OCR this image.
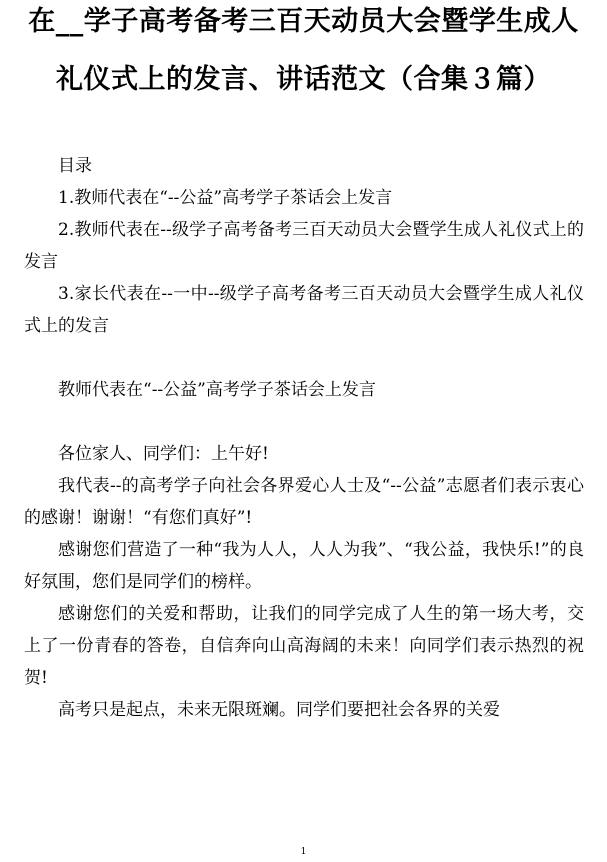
在__学子高考备考三百天动员大会暨学生成人
礼仪式上的发言、讲话范文（合集３篇）

目录

1.教师代表在“--公益”高考学子茶话会上发言

2.教师代表在--级学子高考备考三百天动员大会暨学生成人礼仪式上的发言

3.家长代表在--一中--级学子高考备考三百天动员大会暨学生成人礼仪式上的发言

教师代表在“--公益”高考学子茶话会上发言

各位家人、同学们：上午好!

我代表--的高考学子向社会各界爱心人士及“--公益”志愿者们表示衷心的感谢！谢谢！“有您们真好”!

感谢您们营造了一种“我为人人，人人为我”、“我公益，我快乐!”的良好氛围，您们是同学们的榜样。

感谢您们的关爱和帮助，让我们的同学完成了人生的第一场大考，交上了一份青春的答卷，自信奔向山高海阔的未来！向同学们表示热烈的祝贺!

高考只是起点，未来无限斑斓。同学们要把社会各界的关爱

1
